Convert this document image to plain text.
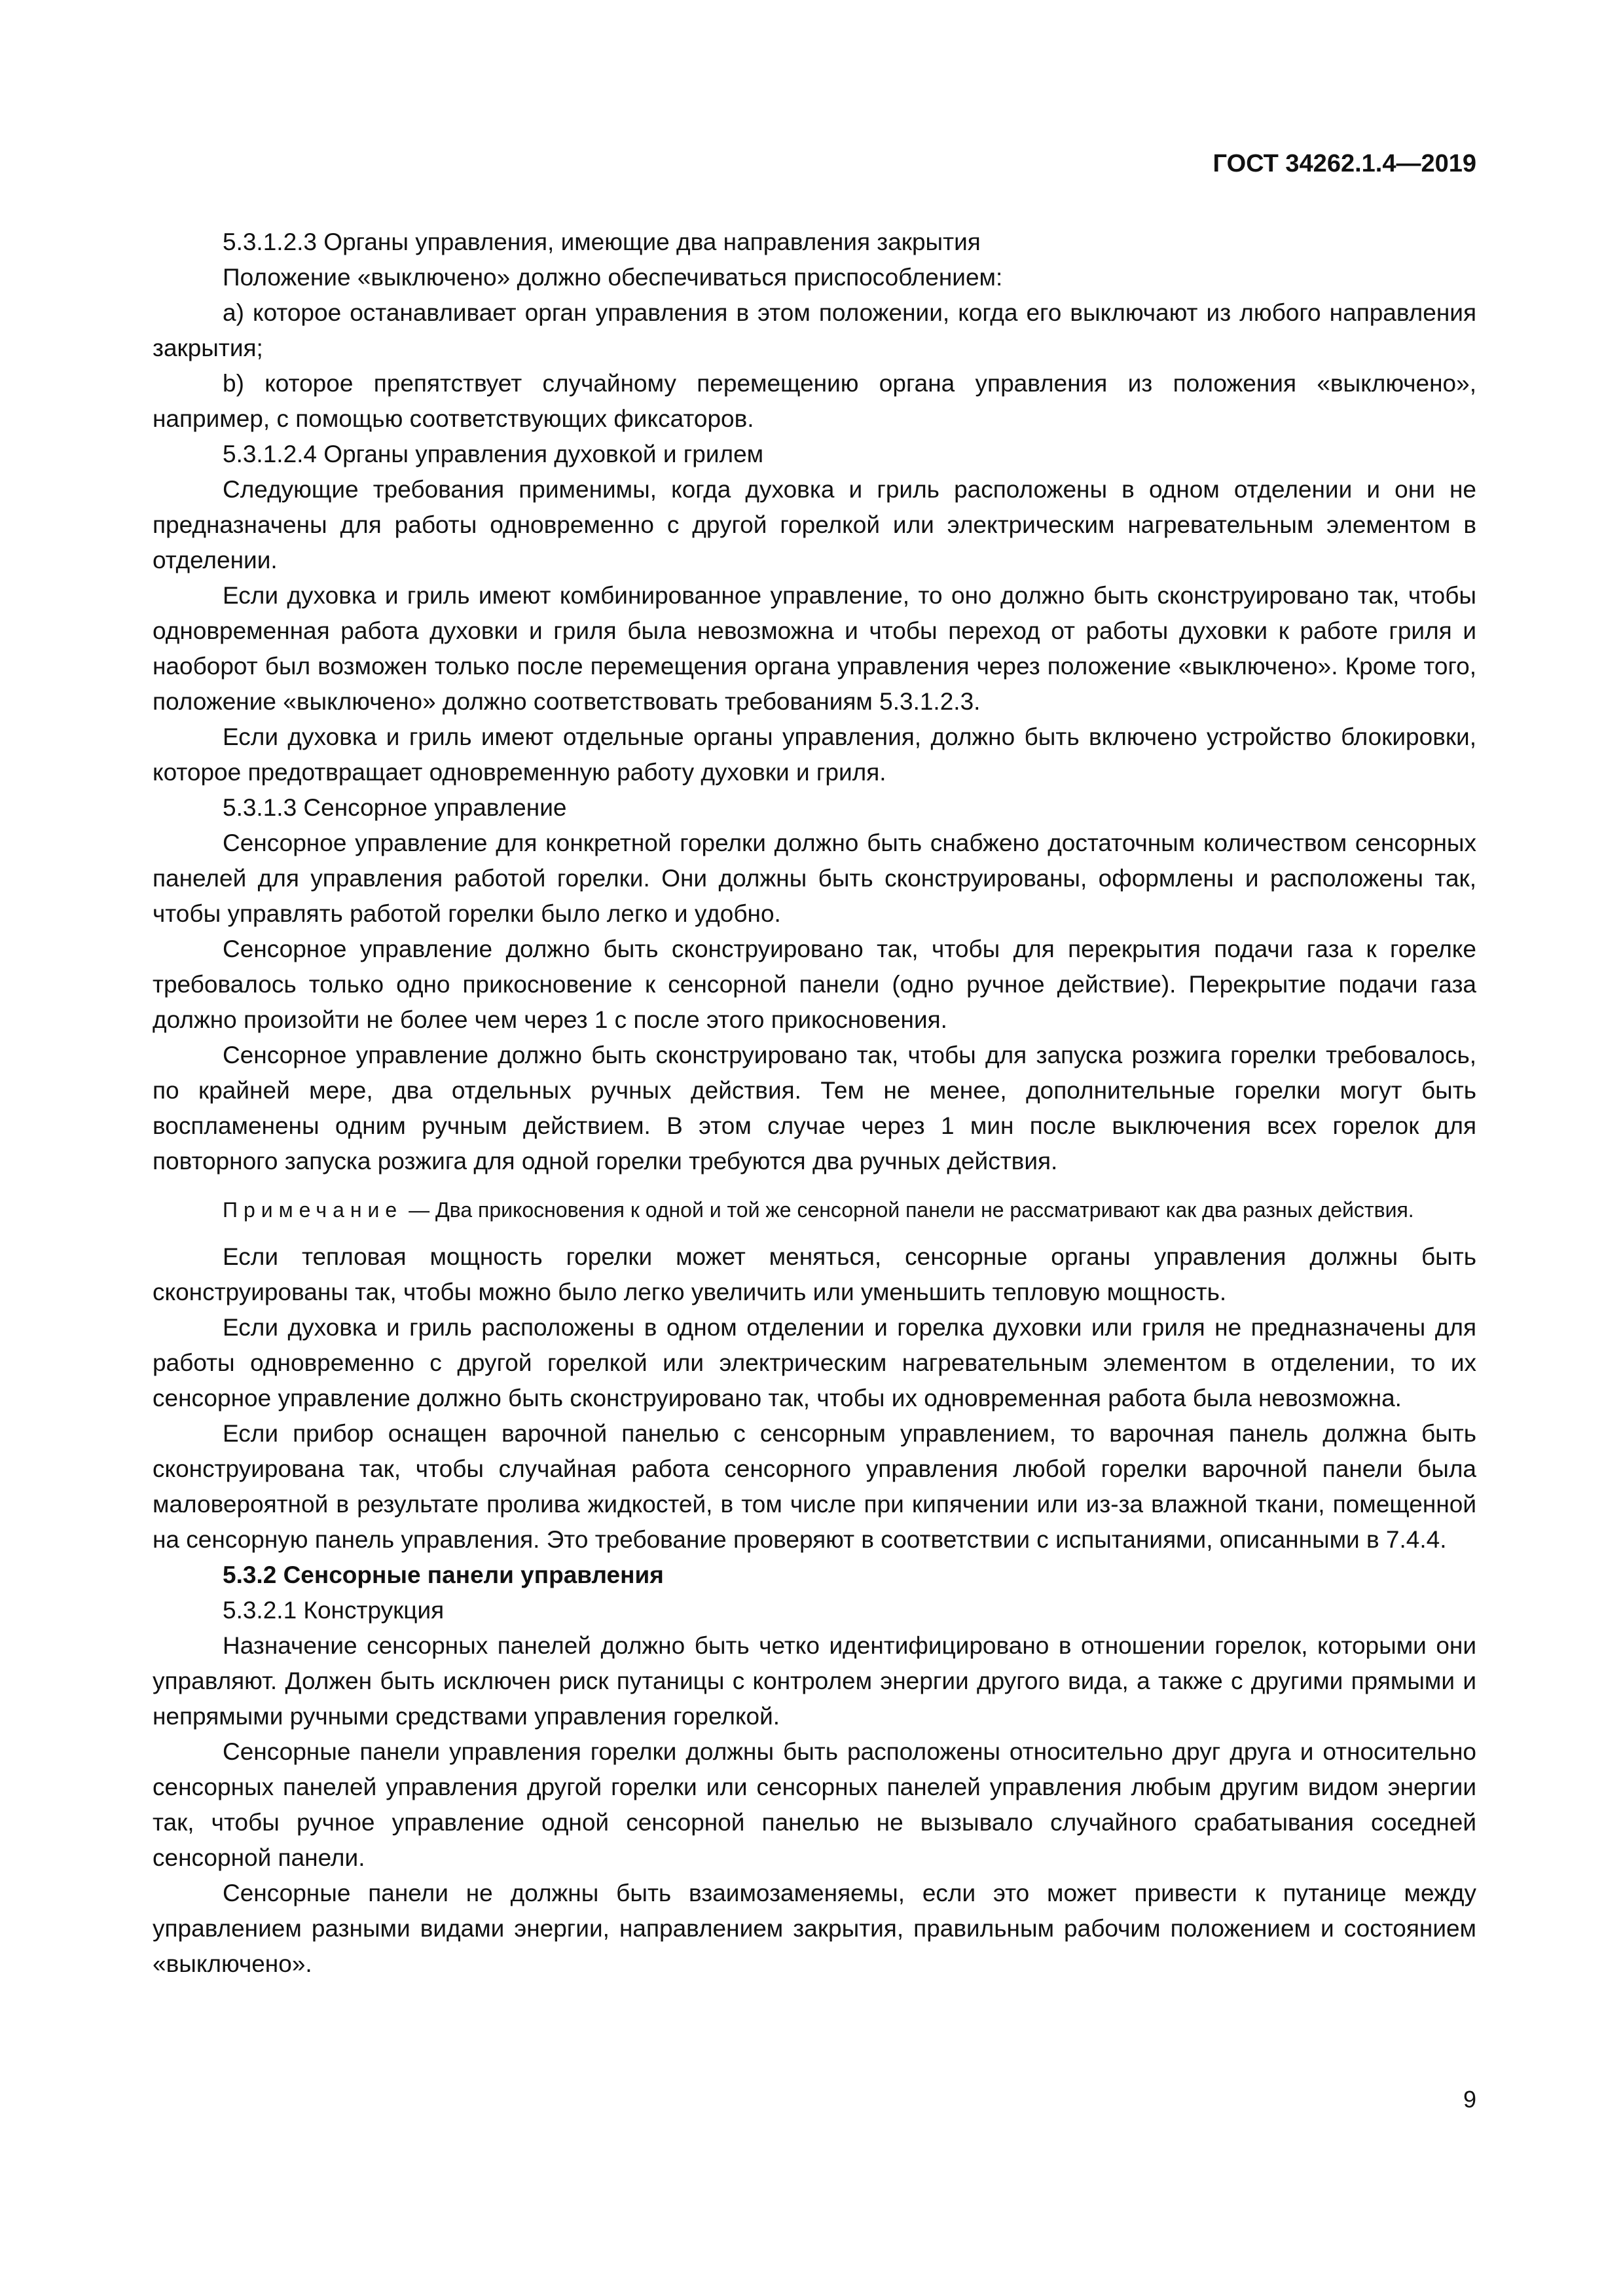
ГОСТ 34262.1.4—2019

5.3.1.2.3 Органы управления, имеющие два направления закрытия

Положение «выключено» должно обеспечиваться приспособлением:

а) которое останавливает орган управления в этом положении, когда его выключают из любого направления закрытия;

b) которое препятствует случайному перемещению органа управления из положения «выключено», например, с помощью соответствующих фиксаторов.

5.3.1.2.4 Органы управления духовкой и грилем

Следующие требования применимы, когда духовка и гриль расположены в одном отделении и они не предназначены для работы одновременно с другой горелкой или электрическим нагревательным элементом в отделении.

Если духовка и гриль имеют комбинированное управление, то оно должно быть сконструировано так, чтобы одновременная работа духовки и гриля была невозможна и чтобы переход от работы духовки к работе гриля и наоборот был возможен только после перемещения органа управления через положение «выключено». Кроме того, положение «выключено» должно соответствовать требованиям 5.3.1.2.3.

Если духовка и гриль имеют отдельные органы управления, должно быть включено устройство блокировки, которое предотвращает одновременную работу духовки и гриля.

5.3.1.3 Сенсорное управление

Сенсорное управление для конкретной горелки должно быть снабжено достаточным количеством сенсорных панелей для управления работой горелки. Они должны быть сконструированы, оформлены и расположены так, чтобы управлять работой горелки было легко и удобно.

Сенсорное управление должно быть сконструировано так, чтобы для перекрытия подачи газа к горелке требовалось только одно прикосновение к сенсорной панели (одно ручное действие). Перекрытие подачи газа должно произойти не более чем через 1 с после этого прикосновения.

Сенсорное управление должно быть сконструировано так, чтобы для запуска розжига горелки требовалось, по крайней мере, два отдельных ручных действия. Тем не менее, дополнительные горелки могут быть воспламенены одним ручным действием. В этом случае через 1 мин после выключения всех горелок для повторного запуска розжига для одной горелки требуются два ручных действия.

Примечание — Два прикосновения к одной и той же сенсорной панели не рассматривают как два разных действия.

Если тепловая мощность горелки может меняться, сенсорные органы управления должны быть сконструированы так, чтобы можно было легко увеличить или уменьшить тепловую мощность.

Если духовка и гриль расположены в одном отделении и горелка духовки или гриля не предназначены для работы одновременно с другой горелкой или электрическим нагревательным элементом в отделении, то их сенсорное управление должно быть сконструировано так, чтобы их одновременная работа была невозможна.

Если прибор оснащен варочной панелью с сенсорным управлением, то варочная панель должна быть сконструирована так, чтобы случайная работа сенсорного управления любой горелки варочной панели была маловероятной в результате пролива жидкостей, в том числе при кипячении или из-за влажной ткани, помещенной на сенсорную панель управления. Это требование проверяют в соответствии с испытаниями, описанными в 7.4.4.

5.3.2 Сенсорные панели управления

5.3.2.1 Конструкция

Назначение сенсорных панелей должно быть четко идентифицировано в отношении горелок, которыми они управляют. Должен быть исключен риск путаницы с контролем энергии другого вида, а также с другими прямыми и непрямыми ручными средствами управления горелкой.

Сенсорные панели управления горелки должны быть расположены относительно друг друга и относительно сенсорных панелей управления другой горелки или сенсорных панелей управления любым другим видом энергии так, чтобы ручное управление одной сенсорной панелью не вызывало случайного срабатывания соседней сенсорной панели.

Сенсорные панели не должны быть взаимозаменяемы, если это может привести к путанице между управлением разными видами энергии, направлением закрытия, правильным рабочим положением и состоянием «выключено».

9
